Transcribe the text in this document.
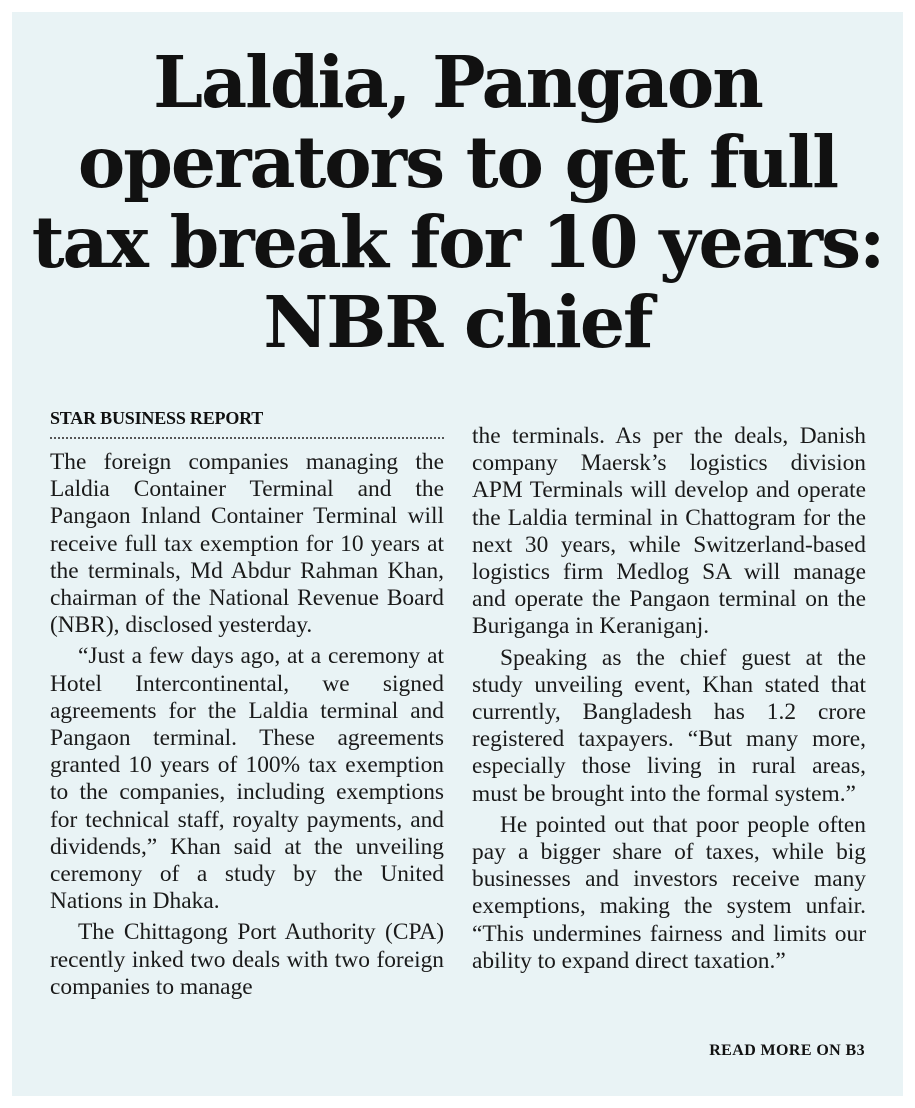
Laldia, Pangaon operators to get full tax break for 10 years: NBR chief
STAR BUSINESS REPORT

The foreign companies managing the Laldia Container Terminal and the Pangaon Inland Container Terminal will receive full tax exemption for 10 years at the terminals, Md Abdur Rahman Khan, chairman of the National Revenue Board (NBR), disclosed yesterday.

“Just a few days ago, at a ceremony at Hotel Intercontinental, we signed agreements for the Laldia terminal and Pangaon terminal. These agreements granted 10 years of 100% tax exemption to the companies, including exemptions for technical staff, royalty payments, and dividends,” Khan said at the unveiling ceremony of a study by the United Nations in Dhaka.

The Chittagong Port Authority (CPA) recently inked two deals with two foreign companies to manage

the terminals. As per the deals, Danish company Maersk’s logistics division APM Terminals will develop and operate the Laldia terminal in Chattogram for the next 30 years, while Switzerland-based logistics firm Medlog SA will manage and operate the Pangaon terminal on the Buriganga in Keraniganj.

Speaking as the chief guest at the study unveiling event, Khan stated that currently, Bangladesh has 1.2 crore registered taxpayers. “But many more, especially those living in rural areas, must be brought into the formal system.”

He pointed out that poor people often pay a bigger share of taxes, while big businesses and investors receive many exemptions, making the system unfair. “This undermines fairness and limits our ability to expand direct taxation.”

READ MORE ON B3
